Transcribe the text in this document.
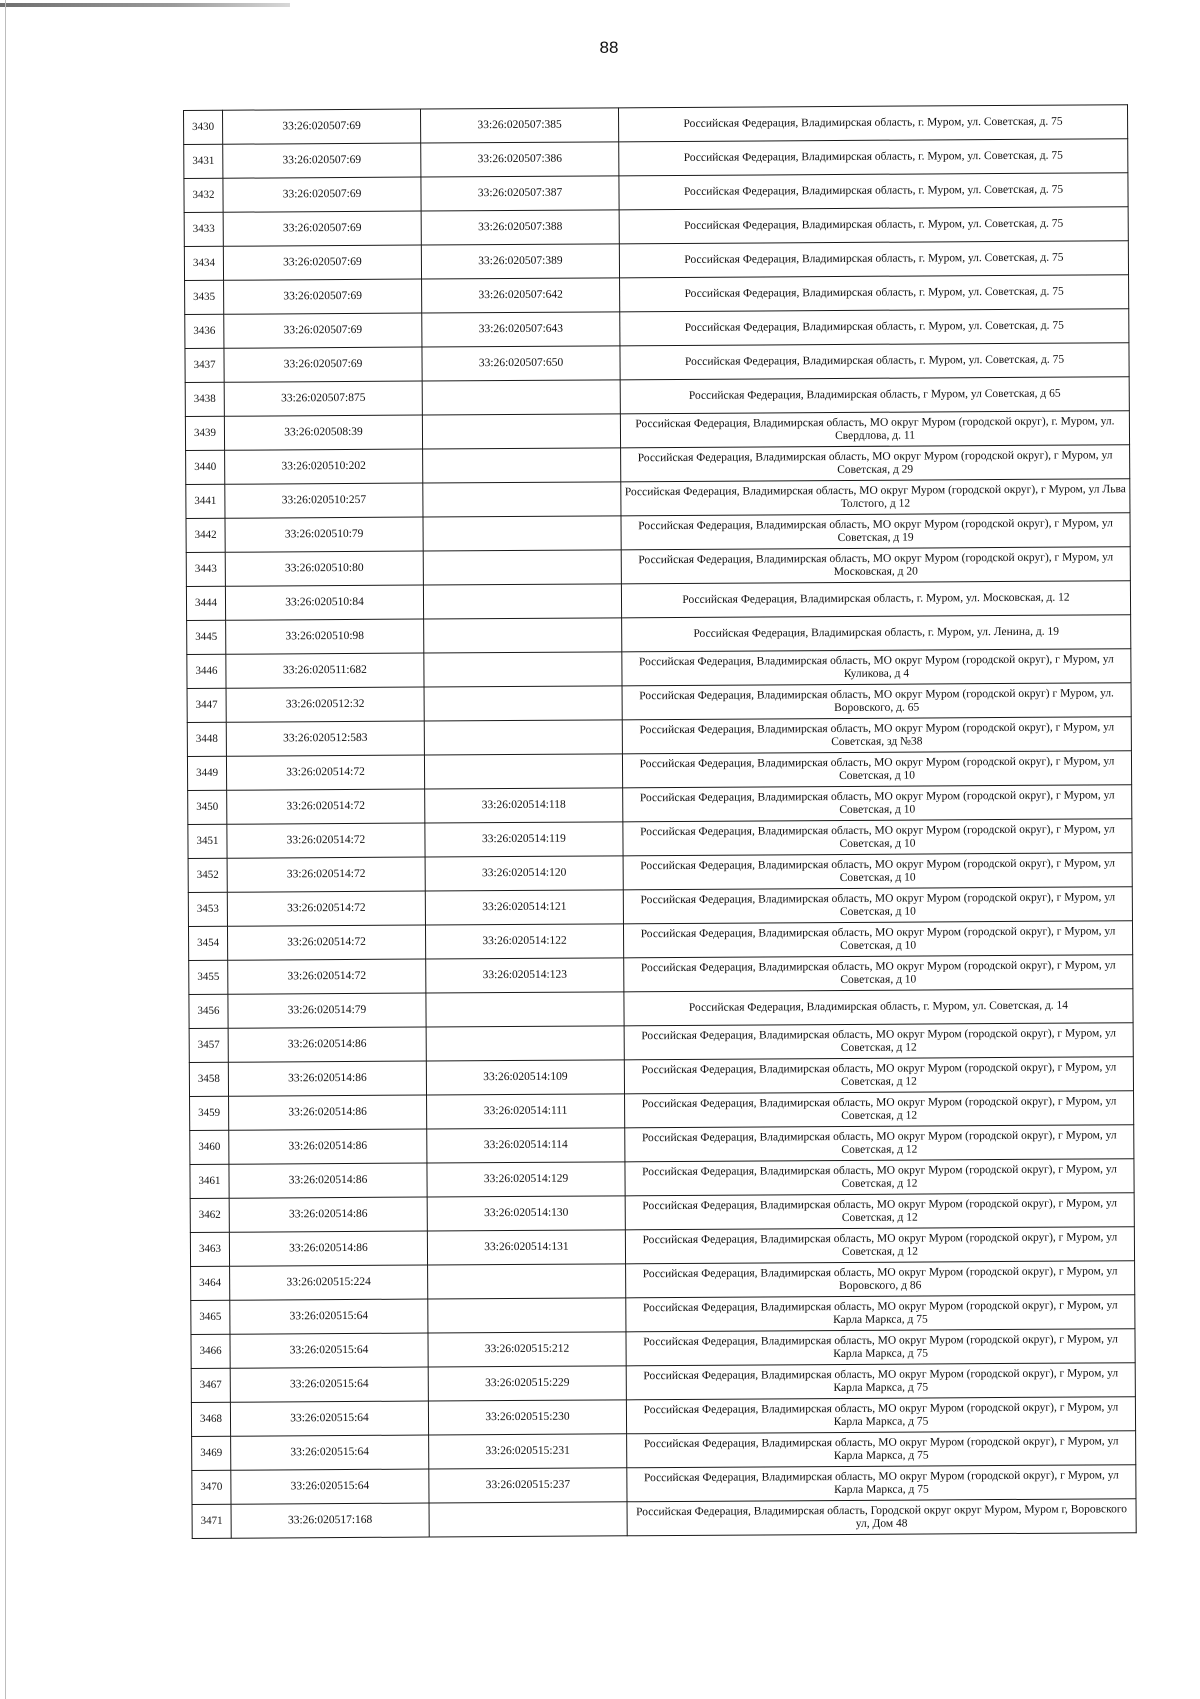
88
3430	33:26:020507:69	33:26:020507:385	Российская Федерация, Владимирская область, г. Муром, ул. Советская, д. 75
3431	33:26:020507:69	33:26:020507:386	Российская Федерация, Владимирская область, г. Муром, ул. Советская, д. 75
3432	33:26:020507:69	33:26:020507:387	Российская Федерация, Владимирская область, г. Муром, ул. Советская, д. 75
3433	33:26:020507:69	33:26:020507:388	Российская Федерация, Владимирская область, г. Муром, ул. Советская, д. 75
3434	33:26:020507:69	33:26:020507:389	Российская Федерация, Владимирская область, г. Муром, ул. Советская, д. 75
3435	33:26:020507:69	33:26:020507:642	Российская Федерация, Владимирская область, г. Муром, ул. Советская, д. 75
3436	33:26:020507:69	33:26:020507:643	Российская Федерация, Владимирская область, г. Муром, ул. Советская, д. 75
3437	33:26:020507:69	33:26:020507:650	Российская Федерация, Владимирская область, г. Муром, ул. Советская, д. 75
3438	33:26:020507:875		Российская Федерация, Владимирская область, г Муром, ул Советская, д 65
3439	33:26:020508:39		Российская Федерация, Владимирская область, МО округ Муром (городской округ), г. Муром, ул. Свердлова, д. 11
3440	33:26:020510:202		Российская Федерация, Владимирская область, МО округ Муром (городской округ), г Муром, ул Советская, д 29
3441	33:26:020510:257		Российская Федерация, Владимирская область, МО округ Муром (городской округ), г Муром, ул Льва Толстого, д 12
3442	33:26:020510:79		Российская Федерация, Владимирская область, МО округ Муром (городской округ), г Муром, ул Советская, д 19
3443	33:26:020510:80		Российская Федерация, Владимирская область, МО округ Муром (городской округ), г Муром, ул Московская, д 20
3444	33:26:020510:84		Российская Федерация, Владимирская область, г. Муром, ул. Московская, д. 12
3445	33:26:020510:98		Российская Федерация, Владимирская область, г. Муром, ул. Ленина, д. 19
3446	33:26:020511:682		Российская Федерация, Владимирская область, МО округ Муром (городской округ), г Муром, ул Куликова, д 4
3447	33:26:020512:32		Российская Федерация, Владимирская область, МО округ Муром (городской округ) г Муром, ул. Воровского, д. 65
3448	33:26:020512:583		Российская Федерация, Владимирская область, МО округ Муром (городской округ), г Муром, ул Советская, зд №38
3449	33:26:020514:72		Российская Федерация, Владимирская область, МО округ Муром (городской округ), г Муром, ул Советская, д 10
3450	33:26:020514:72	33:26:020514:118	Российская Федерация, Владимирская область, МО округ Муром (городской округ), г Муром, ул Советская, д 10
3451	33:26:020514:72	33:26:020514:119	Российская Федерация, Владимирская область, МО округ Муром (городской округ), г Муром, ул Советская, д 10
3452	33:26:020514:72	33:26:020514:120	Российская Федерация, Владимирская область, МО округ Муром (городской округ), г Муром, ул Советская, д 10
3453	33:26:020514:72	33:26:020514:121	Российская Федерация, Владимирская область, МО округ Муром (городской округ), г Муром, ул Советская, д 10
3454	33:26:020514:72	33:26:020514:122	Российская Федерация, Владимирская область, МО округ Муром (городской округ), г Муром, ул Советская, д 10
3455	33:26:020514:72	33:26:020514:123	Российская Федерация, Владимирская область, МО округ Муром (городской округ), г Муром, ул Советская, д 10
3456	33:26:020514:79		Российская Федерация, Владимирская область, г. Муром, ул. Советская, д. 14
3457	33:26:020514:86		Российская Федерация, Владимирская область, МО округ Муром (городской округ), г Муром, ул Советская, д 12
3458	33:26:020514:86	33:26:020514:109	Российская Федерация, Владимирская область, МО округ Муром (городской округ), г Муром, ул Советская, д 12
3459	33:26:020514:86	33:26:020514:111	Российская Федерация, Владимирская область, МО округ Муром (городской округ), г Муром, ул Советская, д 12
3460	33:26:020514:86	33:26:020514:114	Российская Федерация, Владимирская область, МО округ Муром (городской округ), г Муром, ул Советская, д 12
3461	33:26:020514:86	33:26:020514:129	Российская Федерация, Владимирская область, МО округ Муром (городской округ), г Муром, ул Советская, д 12
3462	33:26:020514:86	33:26:020514:130	Российская Федерация, Владимирская область, МО округ Муром (городской округ), г Муром, ул Советская, д 12
3463	33:26:020514:86	33:26:020514:131	Российская Федерация, Владимирская область, МО округ Муром (городской округ), г Муром, ул Советская, д 12
3464	33:26:020515:224		Российская Федерация, Владимирская область, МО округ Муром (городской округ), г Муром, ул Воровского, д 86
3465	33:26:020515:64		Российская Федерация, Владимирская область, МО округ Муром (городской округ), г Муром, ул Карла Маркса, д 75
3466	33:26:020515:64	33:26:020515:212	Российская Федерация, Владимирская область, МО округ Муром (городской округ), г Муром, ул Карла Маркса, д 75
3467	33:26:020515:64	33:26:020515:229	Российская Федерация, Владимирская область, МО округ Муром (городской округ), г Муром, ул Карла Маркса, д 75
3468	33:26:020515:64	33:26:020515:230	Российская Федерация, Владимирская область, МО округ Муром (городской округ), г Муром, ул Карла Маркса, д 75
3469	33:26:020515:64	33:26:020515:231	Российская Федерация, Владимирская область, МО округ Муром (городской округ), г Муром, ул Карла Маркса, д 75
3470	33:26:020515:64	33:26:020515:237	Российская Федерация, Владимирская область, МО округ Муром (городской округ), г Муром, ул Карла Маркса, д 75
3471	33:26:020517:168		Российская Федерация, Владимирская область, Городской округ округ Муром, Муром г, Воровского ул, Дом 48
